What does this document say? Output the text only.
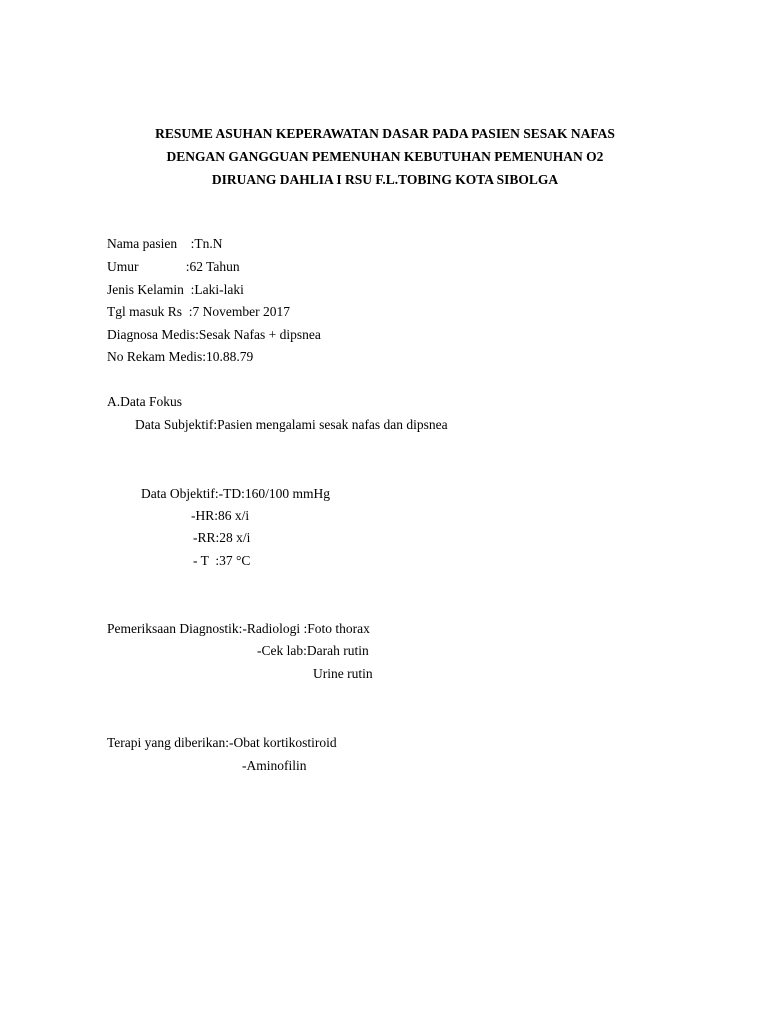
RESUME ASUHAN KEPERAWATAN DASAR PADA PASIEN SESAK NAFAS
DENGAN GANGGUAN PEMENUHAN KEBUTUHAN PEMENUHAN O2
DIRUANG DAHLIA I RSU F.L.TOBING KOTA SIBOLGA
Nama pasien    :Tn.N
Umur              :62 Tahun
Jenis Kelamin  :Laki-laki
Tgl masuk Rs  :7 November 2017
Diagnosa Medis:Sesak Nafas + dipsnea
No Rekam Medis:10.88.79
A.Data Fokus
Data Subjektif:Pasien mengalami sesak nafas dan dipsnea
Data Objektif:-TD:160/100 mmHg
-HR:86 x/i
-RR:28 x/i
- T  :37 °C
Pemeriksaan Diagnostik:-Radiologi :Foto thorax
-Cek lab:Darah rutin
Urine rutin
Terapi yang diberikan:-Obat kortikostiroid
-Aminofilin
